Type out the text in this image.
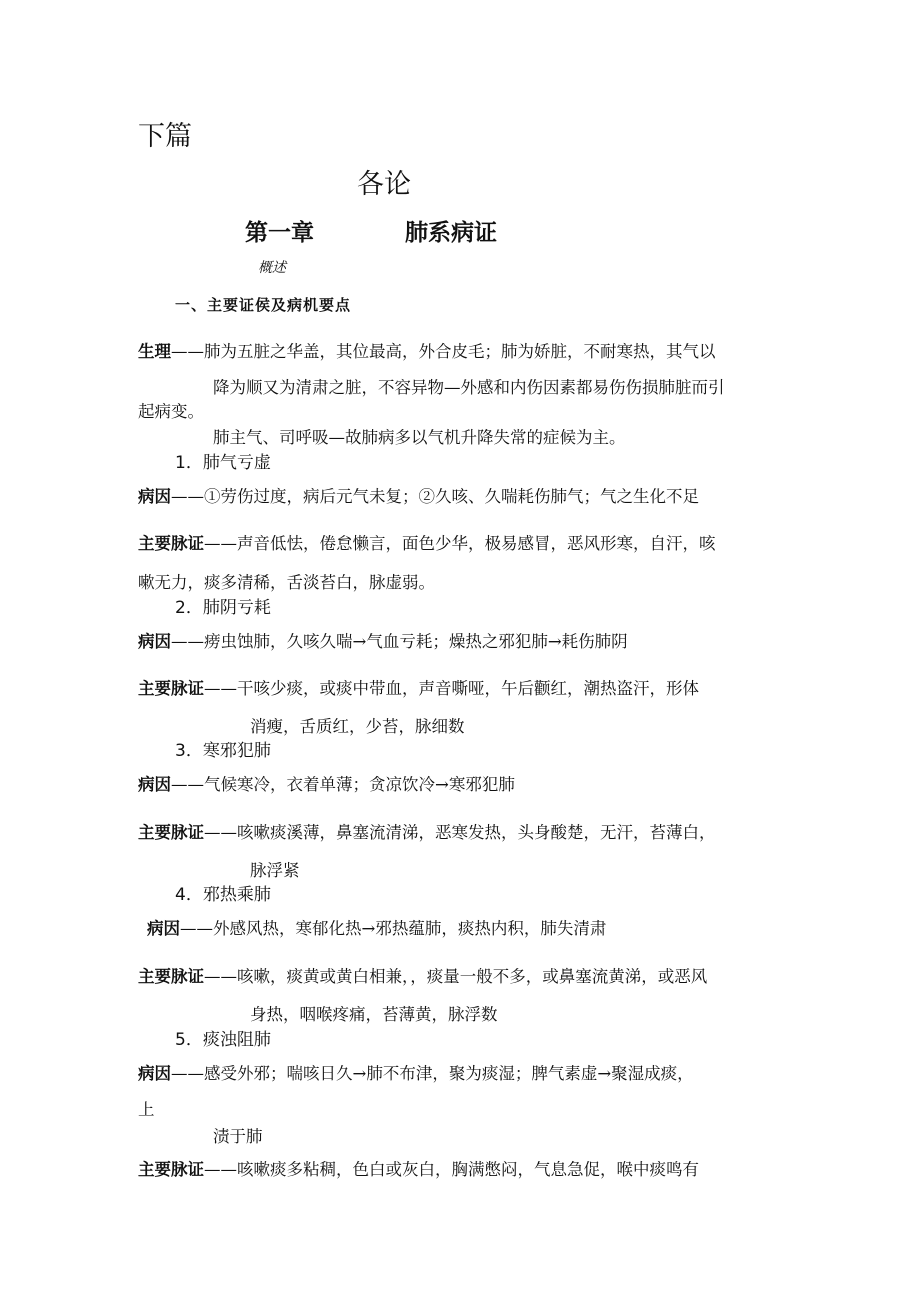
下篇
各论
第一章	肺系病证
概述
一、主要证侯及病机要点
生理——肺为五脏之华盖，其位最高，外合皮毛；肺为娇脏，不耐寒热，其气以
降为顺又为清肃之脏，不容异物—外感和内伤因素都易伤伤损肺脏而引
起病变。
肺主气、司呼吸—故肺病多以气机升降失常的症候为主。
1．肺气亏虚
病因——①劳伤过度，病后元气未复；②久咳、久喘耗伤肺气；气之生化不足
主要脉证——声音低怯，倦怠懒言，面色少华，极易感冒，恶风形寒，自汗，咳
嗽无力，痰多清稀，舌淡苔白，脉虚弱。
2．肺阴亏耗
病因——痨虫蚀肺，久咳久喘→气血亏耗；燥热之邪犯肺→耗伤肺阴
主要脉证——干咳少痰，或痰中带血，声音嘶哑，午后颧红，潮热盗汗，形体
消瘦，舌质红，少苔，脉细数
3．寒邪犯肺
病因——气候寒冷，衣着单薄；贪凉饮冷→寒邪犯肺
主要脉证——咳嗽痰溪薄，鼻塞流清涕，恶寒发热，头身酸楚，无汗，苔薄白，
脉浮紧
4．邪热乘肺
病因——外感风热，寒郁化热→邪热蕴肺，痰热内积，肺失清肃
主要脉证——咳嗽，痰黄或黄白相兼，，痰量一般不多，或鼻塞流黄涕，或恶风
身热，咽喉疼痛，苔薄黄，脉浮数
5．痰浊阻肺
病因——感受外邪；喘咳日久→肺不布津，聚为痰湿；脾气素虚→聚湿成痰，
上
渍于肺
主要脉证——咳嗽痰多粘稠，色白或灰白，胸满憋闷，气息急促，喉中痰鸣有
